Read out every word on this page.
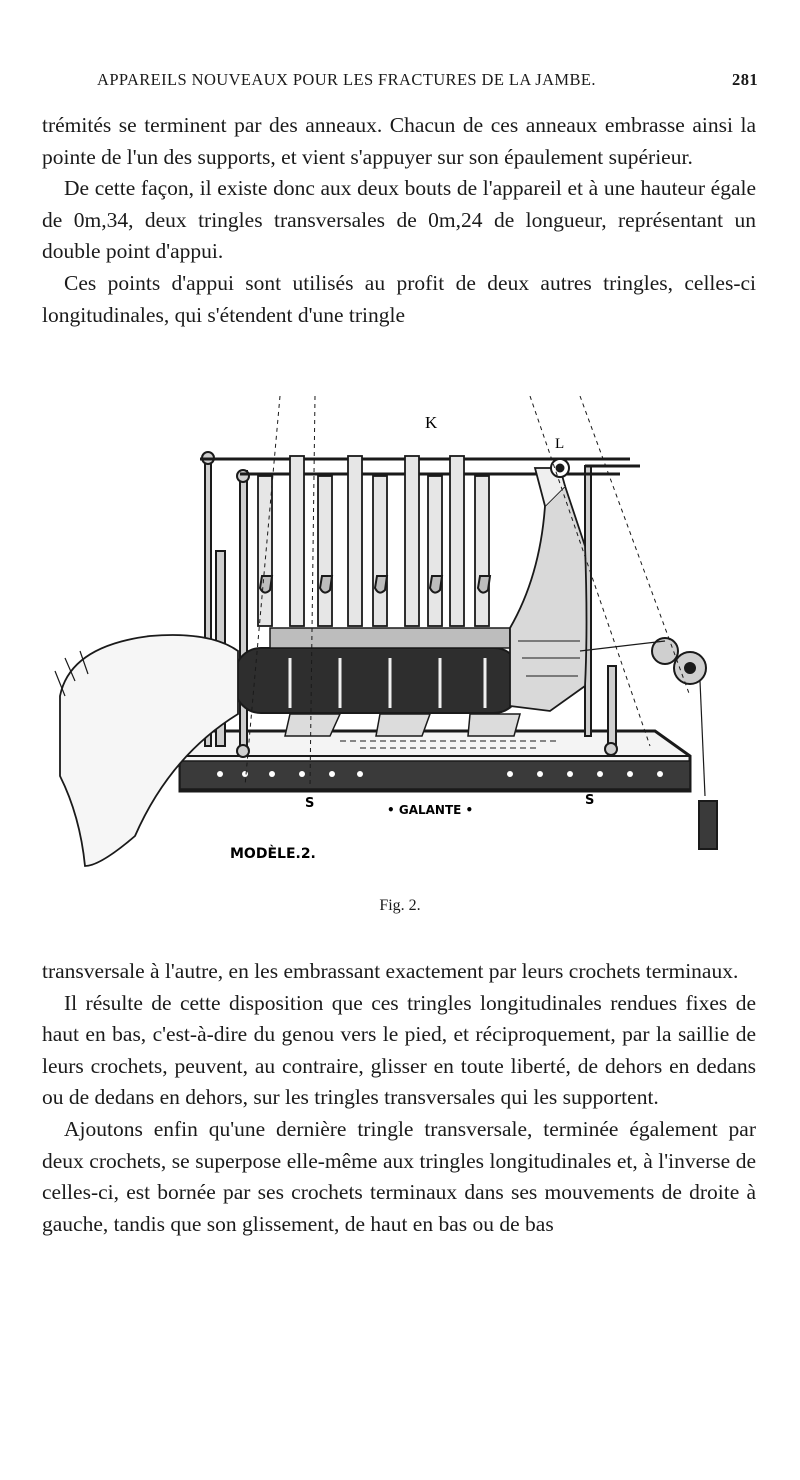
APPAREILS NOUVEAUX POUR LES FRACTURES DE LA JAMBE.	281

trémités se terminent par des anneaux. Chacun de ces anneaux embrasse ainsi la pointe de l'un des supports, et vient s'appuyer sur son épaulement supérieur.

De cette façon, il existe donc aux deux bouts de l'appareil et à une hauteur égale de 0m,34, deux tringles transversales de 0m,24 de longueur, représentant un double point d'appui.

Ces points d'appui sont utilisés au profit de deux autres tringles, celles-ci longitudinales, qui s'étendent d'une tringle

K
L
S	S
• GALANTE •
MODÈLE.2.
Fig. 2.

transversale à l'autre, en les embrassant exactement par leurs crochets terminaux.

Il résulte de cette disposition que ces tringles longitudinales rendues fixes de haut en bas, c'est-à-dire du genou vers le pied, et réciproquement, par la saillie de leurs crochets, peuvent, au contraire, glisser en toute liberté, de dehors en dedans ou de dedans en dehors, sur les tringles transversales qui les supportent.

Ajoutons enfin qu'une dernière tringle transversale, terminée également par deux crochets, se superpose elle-même aux tringles longitudinales et, à l'inverse de celles-ci, est bornée par ses crochets terminaux dans ses mouvements de droite à gauche, tandis que son glissement, de haut en bas ou de bas
